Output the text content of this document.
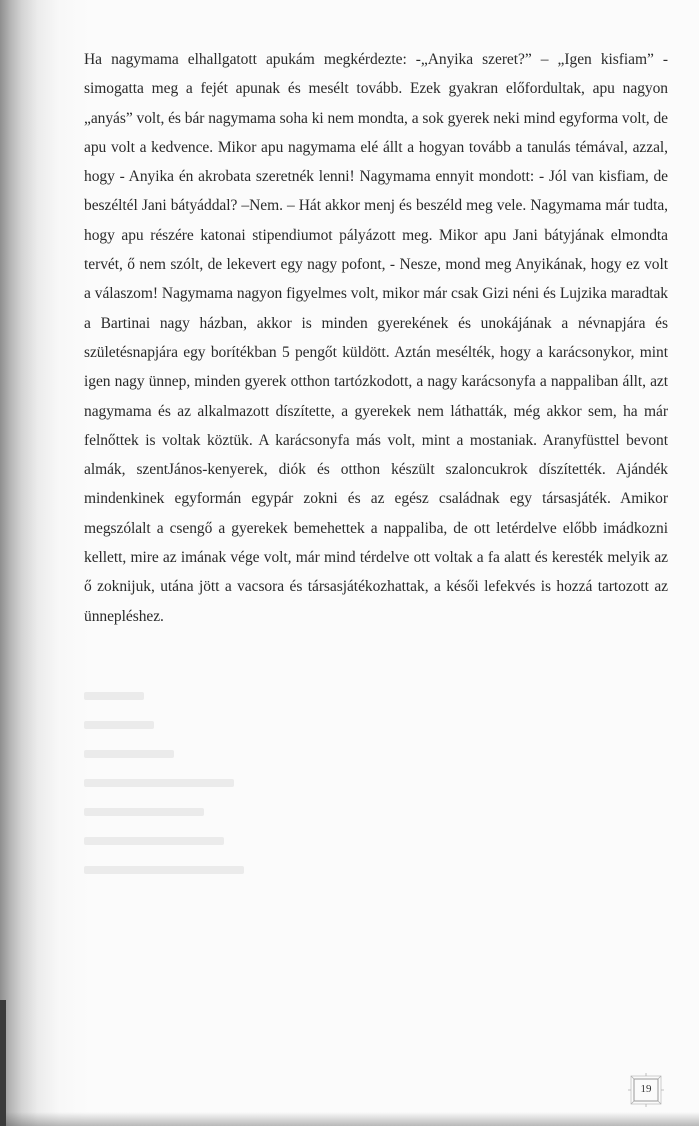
Ha nagymama elhallgatott apukám megkérdezte: -„Anyika szeret?” – „Igen kisfiam” - simogatta meg a fejét apunak és mesélt tovább. Ezek gyakran előfordultak, apu nagyon „anyás” volt, és bár nagymama soha ki nem mondta, a sok gyerek neki mind egyforma volt, de apu volt a kedvence. Mikor apu nagymama elé állt a hogyan tovább a tanulás témával, azzal, hogy - Anyika én akrobata szeretnék lenni! Nagymama ennyit mondott: - Jól van kisfiam, de beszéltél Jani bátyáddal? –Nem. – Hát akkor menj és beszéld meg vele. Nagymama már tudta, hogy apu részére katonai stipendiumot pályázott meg. Mikor apu Jani bátyjának elmondta tervét, ő nem szólt, de lekevert egy nagy pofont, - Nesze, mond meg Anyikának, hogy ez volt a válaszom! Nagymama nagyon figyelmes volt, mikor már csak Gizi néni és Lujzika maradtak a Bartinai nagy házban, akkor is minden gyerekének és unokájának a névnapjára és születésnapjára egy borítékban 5 pengőt küldött. Aztán mesélték, hogy a karácsonykor, mint igen nagy ünnep, minden gyerek otthon tartózkodott, a nagy karácsonyfa a nappaliban állt, azt nagymama és az alkalmazott díszítette, a gyerekek nem láthatták, még akkor sem, ha már felnőttek is voltak köztük. A karácsonyfa más volt, mint a mostaniak. Aranyfüsttel bevont almák, szentJános-kenyerek, diók és otthon készült szaloncukrok díszítették. Ajándék mindenkinek egyformán egypár zokni és az egész családnak egy társasjáték. Amikor megszólalt a csengő a gyerekek bemehettek a nappaliba, de ott letérdelve előbb imádkozni kellett, mire az imának vége volt, már mind térdelve ott voltak a fa alatt és keresték melyik az ő zoknijuk, utána jött a vacsora és társasjátékozhattak, a késői lefekvés is hozzá tartozott az ünnepléshez.

19
